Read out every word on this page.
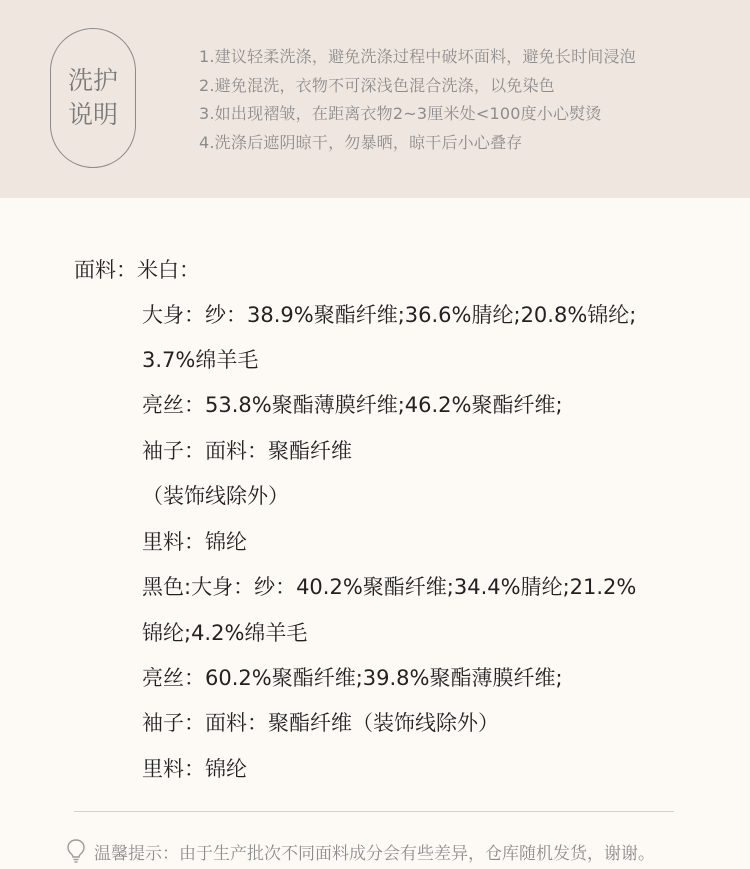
洗护
说明
1.建议轻柔洗涤，避免洗涤过程中破坏面料，避免长时间浸泡
2.避免混洗，衣物不可深浅色混合洗涤，以免染色
3.如出现褶皱，在距离衣物2~3厘米处<100度小心熨烫
4.洗涤后遮阴晾干，勿暴晒，晾干后小心叠存
面料：米白：
大身：纱：38.9%聚酯纤维;36.6%腈纶;20.8%锦纶;
3.7%绵羊毛
亮丝：53.8%聚酯薄膜纤维;46.2%聚酯纤维;
袖子：面料：聚酯纤维
（装饰线除外）
里料：锦纶
黑色:大身：纱：40.2%聚酯纤维;34.4%腈纶;21.2%
锦纶;4.2%绵羊毛
亮丝：60.2%聚酯纤维;39.8%聚酯薄膜纤维;
袖子：面料：聚酯纤维（装饰线除外）
里料：锦纶
温馨提示：由于生产批次不同面料成分会有些差异，仓库随机发货，谢谢。
